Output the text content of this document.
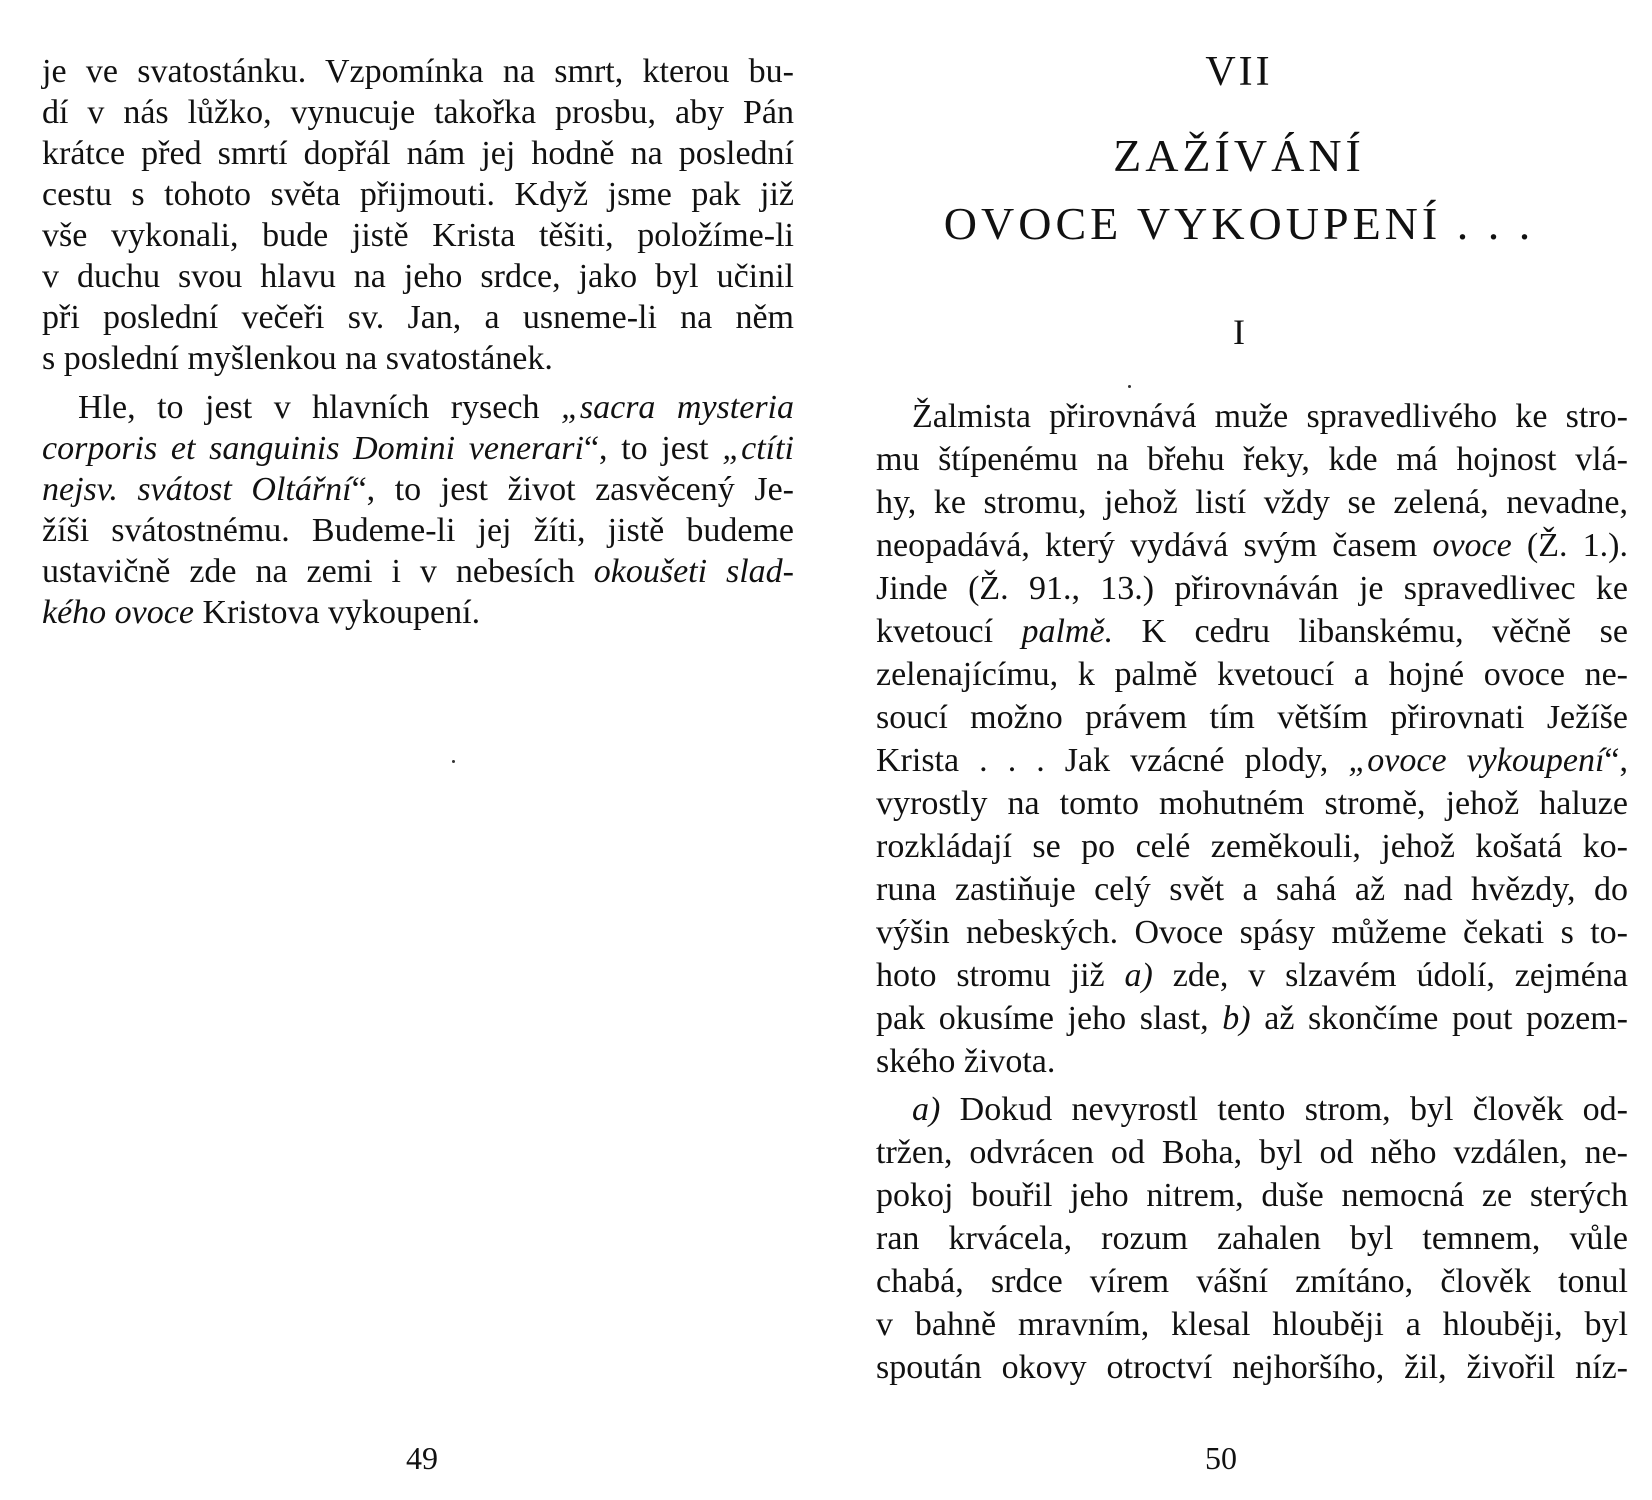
je ve svatostánku. Vzpomínka na smrt, kterou bu-
dí v nás lůžko, vynucuje takořka prosbu, aby Pán
krátce před smrtí dopřál nám jej hodně na poslední
cestu s tohoto světa přijmouti. Když jsme pak již
vše vykonali, bude jistě Krista těšiti, položíme-li
v duchu svou hlavu na jeho srdce, jako byl učinil
při poslední večeři sv. Jan, a usneme-li na něm
s poslední myšlenkou na svatostánek.
Hle, to jest v hlavních rysech „sacra mysteria
corporis et sanguinis Domini venerari“, to jest „ctíti
nejsv. svátost Oltářní“, to jest život zasvěcený Je-
žíši svátostnému. Budeme-li jej žíti, jistě budeme
ustavičně zde na zemi i v nebesích okoušeti slad-
kého ovoce Kristova vykoupení.
49
VII
ZAŽÍVÁNÍ
OVOCE VYKOUPENÍ . . .
I
Žalmista přirovnává muže spravedlivého ke stro-
mu štípenému na břehu řeky, kde má hojnost vlá-
hy, ke stromu, jehož listí vždy se zelená, nevadne,
neopadává, který vydává svým časem ovoce (Ž. 1.).
Jinde (Ž. 91., 13.) přirovnáván je spravedlivec ke
kvetoucí palmě. K cedru libanskému, věčně se
zelenajícímu, k palmě kvetoucí a hojné ovoce ne-
soucí možno právem tím větším přirovnati Ježíše
Krista . . . Jak vzácné plody, „ovoce vykoupení“,
vyrostly na tomto mohutném stromě, jehož haluze
rozkládají se po celé zeměkouli, jehož košatá ko-
runa zastiňuje celý svět a sahá až nad hvězdy, do
výšin nebeských. Ovoce spásy můžeme čekati s to-
hoto stromu již a) zde, v slzavém údolí, zejména
pak okusíme jeho slast, b) až skončíme pout pozem-
ského života.
a) Dokud nevyrostl tento strom, byl člověk od-
tržen, odvrácen od Boha, byl od něho vzdálen, ne-
pokoj bouřil jeho nitrem, duše nemocná ze sterých
ran krvácela, rozum zahalen byl temnem, vůle
chabá, srdce vírem vášní zmítáno, člověk tonul
v bahně mravním, klesal hlouběji a hlouběji, byl
spoután okovy otroctví nejhoršího, žil, živořil níz-
50
